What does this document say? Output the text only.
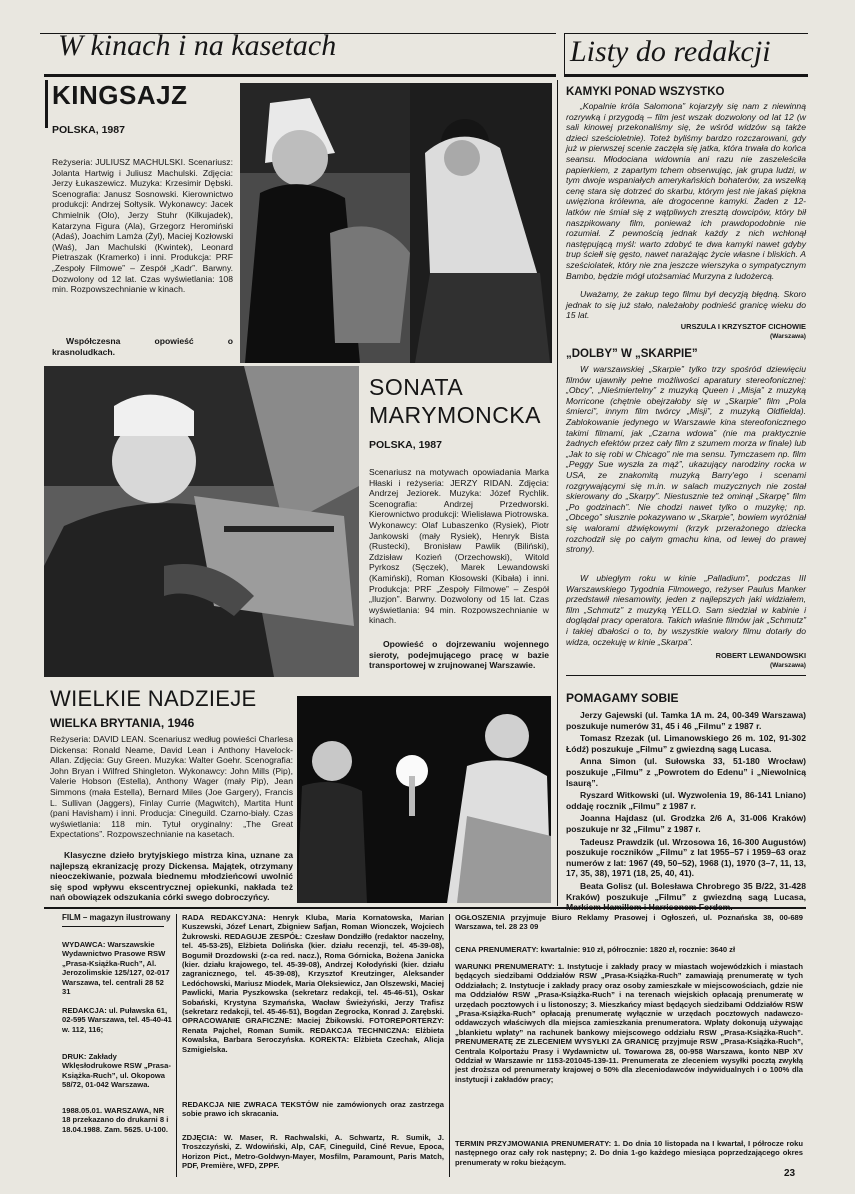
W kinach i na kasetach	Listy do redakcji
KINGSAJZ
POLSKA, 1987
Reżyseria: JULIUSZ MACHULSKI. Scenariusz: Jolanta Hartwig i Juliusz Machulski. Zdjęcia: Jerzy Łukaszewicz. Muzyka: Krzesimir Dębski. Scenografia: Janusz Sosnowski. Kierownictwo produkcji: Andrzej Sołtysik. Wykonawcy: Jacek Chmielnik (Olo), Jerzy Stuhr (Kilkujadek), Katarzyna Figura (Ala), Grzegorz Heromiński (Adaś), Joachim Lamża (Żyl), Maciej Kozłowski (Waś), Jan Machulski (Kwintek), Leonard Pietraszak (Kramerko) i inni. Produkcja: PRF „Zespoły Filmowe” – Zespół „Kadr”. Barwny. Dozwolony od 12 lat. Czas wyświetlania: 108 min. Rozpowszechnianie w kinach.
Współczesna opowieść o krasnoludkach.
SONATA
MARYMONCKA
POLSKA, 1987
Scenariusz na motywach opowiadania Marka Hłaski i reżyseria: JERZY RIDAN. Zdjęcia: Andrzej Jeziorek. Muzyka: Józef Rychlik. Scenografia: Andrzej Przedworski. Kierownictwo produkcji: Wielisława Piotrowska. Wykonawcy: Olaf Lubaszenko (Rysiek), Piotr Jankowski (mały Rysiek), Henryk Bista (Rustecki), Bronisław Pawlik (Biliński), Zdzisław Kozień (Orzechowski), Witold Pyrkosz (Sęczek), Marek Lewandowski (Kamiński), Roman Kłosowski (Kibała) i inni. Produkcja: PRF „Zespoły Filmowe” – Zespół „Iluzjon”. Barwny. Dozwolony od 15 lat. Czas wyświetlania: 94 min. Rozpowszechnianie w kinach.
Opowieść o dojrzewaniu wojennego sieroty, podejmującego pracę w bazie transportowej w zrujnowanej Warszawie.
WIELKIE NADZIEJE
WIELKA BRYTANIA, 1946
Reżyseria: DAVID LEAN. Scenariusz według powieści Charlesa Dickensa: Ronald Neame, David Lean i Anthony Havelock-Allan. Zdjęcia: Guy Green. Muzyka: Walter Goehr. Scenografia: John Bryan i Wilfred Shingleton. Wykonawcy: John Mills (Pip), Valerie Hobson (Estella), Anthony Wager (mały Pip), Jean Simmons (mała Estella), Bernard Miles (Joe Gargery), Francis L. Sullivan (Jaggers), Finlay Currie (Magwitch), Martita Hunt (pani Havisham) i inni. Producja: Cineguild. Czarno-biały. Czas wyświetlania: 118 min. Tytuł oryginalny: „The Great Expectations”. Rozpowszechnianie na kasetach.
Klasyczne dzieło brytyjskiego mistrza kina, uznane za najlepszą ekranizację prozy Dickensa. Majątek, otrzymany nieoczekiwanie, pozwala biednemu młodzieńcowi uwolnić się spod wpływu ekscentrycznej opiekunki, nakłada też nań obowiązek odszukania córki swego dobroczyńcy.
KAMYKI PONAD WSZYSTKO
„Kopalnie króla Salomona” kojarzyły się nam z niewinną rozrywką i przygodą – film jest wszak dozwolony od lat 12 (w sali kinowej przekonaliśmy się, że wśród widzów są także dzieci sześcioletnie). Toteż byliśmy bardzo rozczarowani, gdy już w pierwszej scenie zaczęła się jatka, która trwała do końca seansu. Młodociana widownia ani razu nie zaszeleściła papierkiem, z zapartym tchem obserwując, jak grupa ludzi, w tym dwoje wspaniałych amerykańskich bohaterów, za wszelką cenę stara się dotrzeć do skarbu, którym jest nie jakaś piękna uwięziona królewna, ale drogocenne kamyki. Żaden z 12-latków nie śmiał się z wątpliwych zresztą dowcipów, który bił naszpikowany film, ponieważ ich prawdopodobnie nie rozumiał. Z pewnością jednak każdy z nich wchłonął następującą myśl: warto zdobyć te dwa kamyki nawet gdyby trup ściełł się gęsto, nawet narażając życie własne i bliskich. A sześciolatek, który nie zna jeszcze wierszyka o sympatycznym Bambo, będzie mógł utożsamiać Murzyna z ludożercą.
Uważamy, że zakup tego filmu był decyzją błędną. Skoro jednak to się już stało, należałoby podnieść granicę wieku do 15 lat.
URSZULA I KRZYSZTOF CICHOWIE
(Warszawa)
„DOLBY” W „SKARPIE”
W warszawskiej „Skarpie” tylko trzy spośród dziewięciu filmów ujawniły pełne możliwości aparatury stereofonicznej: „Obcy”, „Nieśmiertelny” z muzyką Queen i „Misja” z muzyką Morricone (chętnie obejrzałoby się w „Skarpie” film „Pola śmierci”, innym film twórcy „Misji”, z muzyką Oldfielda). Zablokowanie jedynego w Warszawie kina stereofonicznego takimi filmami, jak „Czarna wdowa” (nie ma praktycznie żadnych efektów przez cały film z szumem morza w finale) lub „Jak to się robi w Chicago” nie ma sensu. Tymczasem np. film „Peggy Sue wyszła za mąż”, ukazujący narodziny rocka w USA, ze znakomitą muzyką Barry'ego i scenami rozgrywającymi się m.in. w salach muzycznych nie został skierowany do „Skarpy”. Niestusznie też ominął „Skarpę” film „Po godzinach”. Nie chodzi nawet tylko o muzykę; np. „Obcego” słusznie pokazywano w „Skarpie”, bowiem wyróżniał się walorami dźwiękowymi (krzyk przerażonego dziecka rozchodził się po całym gmachu kina, od lewej do prawej strony).
W ubiegłym roku w kinie „Palladium”, podczas III Warszawskiego Tygodnia Filmowego, reżyser Paulus Manker przedstawił niesamowity, jeden z najlepszych jaki widziałem, film „Schmutz” z muzyką YELLO. Sam siedział w kabinie i doglądał pracy operatora. Takich właśnie filmów jak „Schmutz” i takiej dbałości o to, by wszystkie walory filmu dotarły do widza, oczekuję w kinie „Skarpa”.
ROBERT LEWANDOWSKI
(Warszawa)
POMAGAMY SOBIE

Jerzy Gajewski (ul. Tamka 1A m. 24, 00-349 Warszawa) poszukuje numerów 31, 45 i 46 „Filmu” z 1987 r.

Tomasz Rzezak (ul. Limanowskiego 26 m. 102, 91-302 Łódź) poszukuje „Filmu” z gwiezdną sagą Lucasa.

Anna Simon (ul. Sułowska 33, 51-180 Wrocław) poszukuje „Filmu” z „Powrotem do Edenu” i „Niewolnicą Isaurą”.

Ryszard Witkowski (ul. Wyzwolenia 19, 86-141 Lniano) oddaję rocznik „Filmu” z 1987 r.

Joanna Hajdasz (ul. Grodzka 2/6 A, 31-006 Kraków) poszukuje nr 32 „Filmu” z 1987 r.

Tadeusz Prawdzik (ul. Wrzosowa 16, 16-300 Augustów) poszukuje roczników „Filmu” z lat 1955–57 i 1959–63 oraz numerów z lat: 1967 (49, 50–52), 1968 (1), 1970 (3–7, 11, 13, 17, 35, 38), 1971 (18, 25, 40, 41).

Beata Golisz (ul. Bolesława Chrobrego 35 B/22, 31-428 Kraków) poszukuje „Filmu” z gwiezdną sagą Lucasa,

FILM – magazyn ilustrowany
WYDAWCA: Warszawskie Wydawnictwo Prasowe RSW „Prasa-Książka-Ruch”, Al. Jerozolimskie 125/127, 02-017 Warszawa, tel. centrali 28 52 31
REDAKCJA: ul. Puławska 61, 02-595 Warszawa, tel. 45-40-41 w. 112, 116;
DRUK: Zakłady Wklęsłodrukowe RSW „Prasa-Książka-Ruch”, ul. Okopowa 58/72, 01-042 Warszawa.
1988.05.01. WARSZAWA, NR 18 przekazano do drukarni 8 i 18.04.1988. Zam. 5625. U-100.
RADA REDAKCYJNA: Henryk Kluba, Maria Kornatowska, Marian Kuszewski, Józef Lenart, Zbigniew Safjan, Roman Wionczek, Wojciech Żukrowski. REDAGUJE ZESPÓŁ: Czesław Dondziłło (redaktor naczelny, tel. 45-53-25), Elżbieta Dolińska (kier. działu recenzji, tel. 45-39-08), Bogumił Drozdowski (z-ca red. nacz.), Roma Górnicka, Bożena Janicka (kier. działu krajowego, tel. 45-39-08), Andrzej Kołodyński (kier. działu zagranicznego, tel. 45-39-08), Krzysztof Kreutzinger, Aleksander Ledóchowski, Mariusz Miodek, Maria Oleksiewicz, Jan Olszewski, Maciej Pawlicki, Maria Pyszkowska (sekretarz redakcji, tel. 45-46-51), Oskar Sobański, Krystyna Szymańska, Wacław Świeżyński, Jerzy Trafisz (sekretarz redakcji, tel. 45-46-51), Bogdan Zegrocka, Konrad J. Zarębski. OPRACOWANIE GRAFICZNE: Maciej Żbikowski. FOTOREPORTERZY: Renata Pajchel, Roman Sumik. REDAKCJA TECHNICZNA: Elżbieta Kowalska, Barbara Seroczyńska. KOREKTA: Elżbieta Czechak, Alicja Szmigielska.
REDAKCJA NIE ZWRACA TEKSTÓW nie zamówionych oraz zastrzega sobie prawo ich skracania.
ZDJĘCIA: W. Maser, R. Rachwalski, A. Schwartz, R. Sumik, J. Troszczyński, Z. Wdowiński, Alp, CAF, Cineguild, Ciné Revue, Epoca, Horizon Pict., Metro-Goldwyn-Mayer, Mosfilm, Paramount, Paris Match, PDF, Première, WFD, ZPPF.
OGŁOSZENIA przyjmuje Biuro Reklamy Prasowej i Ogłoszeń, ul. Poznańska 38, 00-689 Warszawa, tel. 28 23 09
CENA PRENUMERATY: kwartalnie: 910 zł, półrocznie: 1820 zł, rocznie: 3640 zł
WARUNKI PRENUMERATY: 1. Instytucje i zakłady pracy w miastach wojewódzkich i miastach będących siedzibami Oddziałów RSW „Prasa-Książka-Ruch” zamawiają prenumeratę w tych Oddziałach; 2. Instytucje i zakłady pracy oraz osoby zamieszkałe w miejscowościach, gdzie nie ma Oddziałów RSW „Prasa-Książka-Ruch” i na terenach wiejskich opłacają prenumeratę w urzędach pocztowych i u listonoszy; 3. Mieszkańcy miast będących siedzibami Oddziałów RSW „Prasa-Książka-Ruch” opłacają prenumeratę wyłącznie w urzędach pocztowych nadawczo-oddawczych właściwych dla miejsca zamieszkania prenumeratora. Wpłaty dokonują używając „blankietu wpłaty” na rachunek bankowy miejscowego oddziału RSW „Prasa-Książka-Ruch”. PRENUMERATĘ ZE ZLECENIEM WYSYŁKI ZA GRANICĘ przyjmuje RSW „Prasa-Książka-Ruch”, Centrala Kolportażu Prasy i Wydawnictw ul. Towarowa 28, 00-958 Warszawa, konto NBP XV Oddział w Warszawie nr 1153-201045-139-11. Prenumerata ze zleceniem wysyłki pocztą zwykłą jest droższa od prenumeraty krajowej o 50% dla zleceniodawców indywidualnych i o 100% dla instytucji i zakładów pracy;
TERMIN PRZYJMOWANIA PRENUMERATY: 1. Do dnia 10 listopada na I kwartał, I półrocze roku następnego oraz cały rok następny; 2. Do dnia 1-go każdego miesiąca poprzedzającego okres prenumeraty w roku bieżącym.
23
